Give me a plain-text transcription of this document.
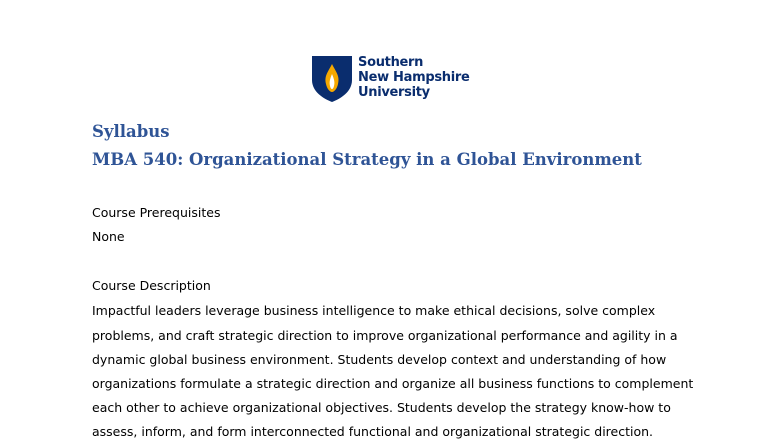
Southern
New Hampshire
University
Syllabus
MBA 540: Organizational Strategy in a Global Environment

Course Prerequisites

None

Course Description

Impactful leaders leverage business intelligence to make ethical decisions, solve complex

problems, and craft strategic direction to improve organizational performance and agility in a

dynamic global business environment. Students develop context and understanding of how

organizations formulate a strategic direction and organize all business functions to complement

each other to achieve organizational objectives. Students develop the strategy know-how to

assess, inform, and form interconnected functional and organizational strategic direction.
